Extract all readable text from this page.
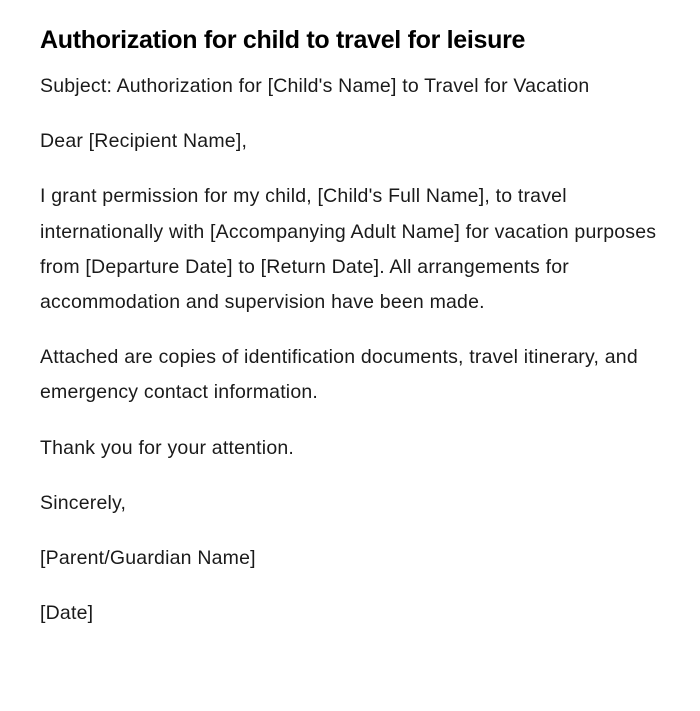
Authorization for child to travel for leisure

Subject: Authorization for [Child's Name] to Travel for Vacation

Dear [Recipient Name],

I grant permission for my child, [Child's Full Name], to travel internationally with [Accompanying Adult Name] for vacation purposes from [Departure Date] to [Return Date]. All arrangements for accommodation and supervision have been made.

Attached are copies of identification documents, travel itinerary, and emergency contact information.

Thank you for your attention.

Sincerely,

[Parent/Guardian Name]

[Date]
